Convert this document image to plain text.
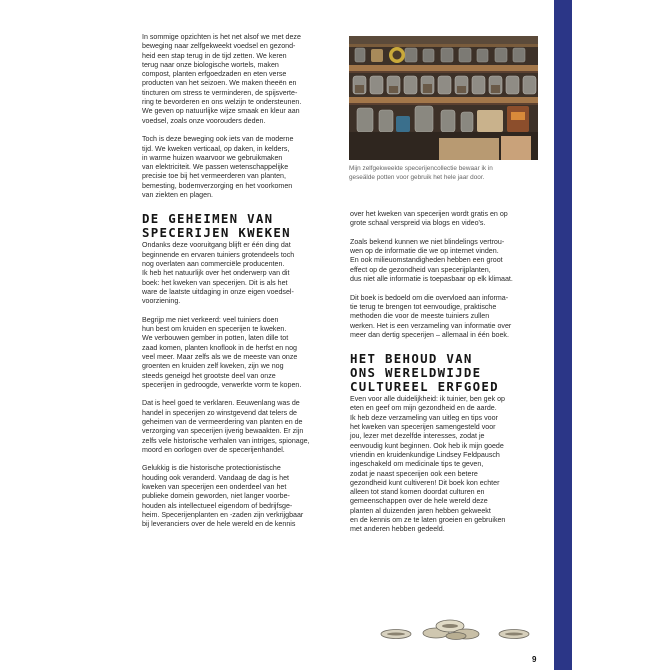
In sommige opzichten is het net alsof we met deze
beweging naar zelfgekweekt voedsel en gezond-
heid een stap terug in de tijd zetten. We keren
terug naar onze biologische wortels, maken
compost, planten erfgoedzaden en eten verse
producten van het seizoen. We maken theeën en
tincturen om stress te verminderen, de spijsverte-
ring te bevorderen en ons welzijn te ondersteunen.
We geven op natuurlijke wijze smaak en kleur aan
voedsel, zoals onze voorouders deden.

Toch is deze beweging ook iets van de moderne
tijd. We kweken verticaal, op daken, in kelders,
in warme huizen waarvoor we gebruikmaken
van elektriciteit. We passen wetenschappelijke
precisie toe bij het vermeerderen van planten,
bemesting, bodemverzorging en het voorkomen
van ziekten en plagen.

DE GEHEIMEN VAN
SPECERIJEN KWEKEN

Ondanks deze vooruitgang blijft er één ding dat
beginnende en ervaren tuiniers grotendeels toch
nog overlaten aan commerciële producenten.
Ik heb het natuurlijk over het onderwerp van dit
boek: het kweken van specerijen. Dit is als het
ware de laatste uitdaging in onze eigen voedsel-
voorziening.

Begrijp me niet verkeerd: veel tuiniers doen
hun best om kruiden en specerijen te kweken.
We verbouwen gember in potten, laten dille tot
zaad komen, planten knoflook in de herfst en nog
veel meer. Maar zelfs als we de meeste van onze
groenten en kruiden zelf kweken, zijn we nog
steeds geneigd het grootste deel van onze
specerijen in gedroogde, verwerkte vorm te kopen.

Dat is heel goed te verklaren. Eeuwenlang was de
handel in specerijen zo winstgevend dat telers de
geheimen van de vermeerdering van planten en de
verzorging van specerijen ijverig bewaakten. Er zijn
zelfs vele historische verhalen van intriges, spionage,
moord en oorlogen over de specerijenhandel.

Gelukkig is die historische protectionistische
houding ook veranderd. Vandaag de dag is het
kweken van specerijen een onderdeel van het
publieke domein geworden, niet langer voorbe-
houden als intellectueel eigendom of bedrijfsge-
heim. Specerijenplanten en -zaden zijn verkrijgbaar
bij leveranciers over de hele wereld en de kennis

Mijn zelfgekweekte specerijencollectie bewaar ik in
geseälde potten voor gebruik het hele jaar door.

over het kweken van specerijen wordt gratis en op
grote schaal verspreid via blogs en video's.

Zoals bekend kunnen we niet blindelings vertrou-
wen op de informatie die we op internet vinden.
En ook milieuomstandigheden hebben een groot
effect op de gezondheid van specerijplanten,
dus niet alle informatie is toepasbaar op elk klimaat.

Dit boek is bedoeld om die overvloed aan informa-
tie terug te brengen tot eenvoudige, praktische
methoden die voor de meeste tuiniers zullen
werken. Het is een verzameling van informatie over
meer dan dertig specerijen – allemaal in één boek.

HET BEHOUD VAN
ONS WERELDWIJDE
CULTUREEL ERFGOED

Even voor alle duidelijkheid: ik tuinier, ben gek op
eten en geef om mijn gezondheid en de aarde.
Ik heb deze verzameling van uitleg en tips voor
het kweken van specerijen samengesteld voor
jou, lezer met dezelfde interesses, zodat je
eenvoudig kunt beginnen. Ook heb ik mijn goede
vriendin en kruidenkundige Lindsey Feldpausch
ingeschakeld om medicinale tips te geven,
zodat je naast specerijen ook een betere
gezondheid kunt cultiveren! Dit boek kon echter
alleen tot stand komen doordat culturen en
gemeenschappen over de hele wereld deze
planten al duizenden jaren hebben gekweekt
en de kennis om ze te laten groeien en gebruiken
met anderen hebben gedeeld.

9
